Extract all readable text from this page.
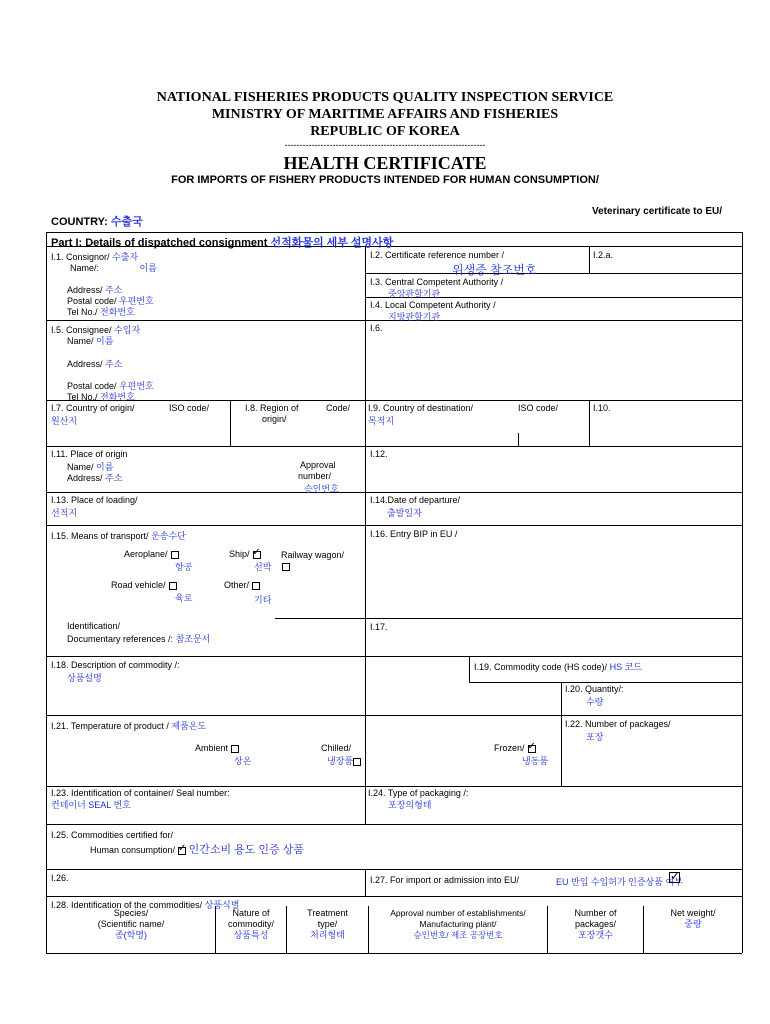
NATIONAL FISHERIES PRODUCTS QUALITY INSPECTION SERVICE
MINISTRY OF MARITIME AFFAIRS AND FISHERIES
REPUBLIC OF KOREA
-------------------------------------------------------------------
HEALTH CERTIFICATE
FOR IMPORTS OF FISHERY PRODUCTS INTENDED FOR HUMAN CONSUMPTION/
Veterinary certificate to EU/
COUNTRY: 수출국
Part I: Details of dispatched consignment 선적화물의 세부 설명사항
I.1. Consignor/ 수출자
Name/:	이름
Address/ 주소
Postal code/ 우편번호
Tel No./ 전화번호
I.2. Certificate reference number /
위생증 참조번호
I.2.a.
I.3. Central Competent Authority /
중앙관할기관
I.4. Local Competent Authority /
지방관할기관
I.5. Consignee/ 수입자
Name/ 이름
Address/ 주소
Postal code/ 우편번호
Tel No./ 전화번호
I.6.
I.7. Country of origin/
원산지
ISO code/	I.8. Region of
origin/
Code/ I.9. Country of destination/
목적지
ISO code/	I.10.
I.11. Place of origin
Name/ 이름
Address/ 주소
Approval
number/
승인번호
I.12.
I.13. Place of loading/
선적지
I.14.Date of departure/
출발일자
I.15. Means of transport/ 운송수단
Aeroplane/
항공
Ship/✓
선박
Railway wagon/
Road vehicle/
육로
Other/
기타
Identification/
Documentary references /: 참조문서
I.16. Entry BIP in EU /
I.17.
I.18. Description of commodity /:
상품설명
I.19. Commodity code (HS code)/ HS 코드
I.20. Quantity/:
수량
I.21. Temperature of product / 제품온도
Ambient
상온
Chilled/
냉장품
Frozen/✓
냉동품
I.22. Number of packages/
포장
I.23. Identification of container/ Seal number:
컨테이너 SEAL 번호
I.24. Type of packaging /:
포장의형태
I.25. Commodities certified for/
Human consumption/✓ 인간소비 용도 인증 상품
I.26.	I.27. For import or admission into EU/	EU 반입 수입허가 인증상품 여부
✓
I.28. Identification of the commodities/ 상품식별
Species/
(Scientific name/
종(학명)
Nature of
commodity/
상품특성
Treatment
type/
처리형태
Approval number of establishments/
Manufacturing plant/
승인번호/ 제조 공장번호
Number of
packages/
포장갯수
Net weight/
중량
